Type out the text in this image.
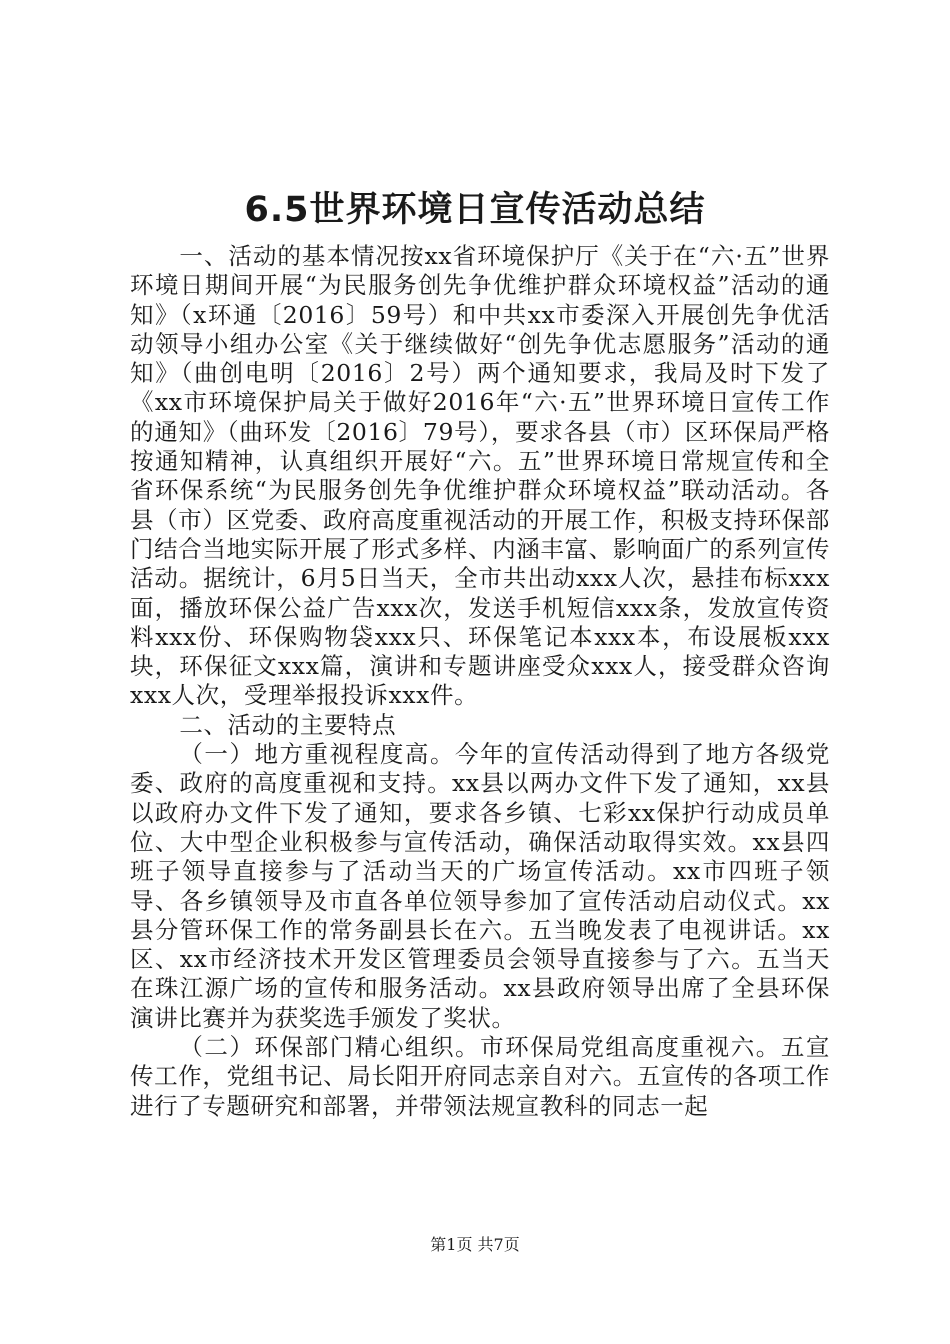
6.5世界环境日宣传活动总结

一、活动的基本情况按xx省环境保护厅《关于在“六·五”世界环境日期间开展“为民服务创先争优维护群众环境权益”活动的通知》（x环通〔2016〕59号）和中共xx市委深入开展创先争优活动领导小组办公室《关于继续做好“创先争优志愿服务”活动的通知》（曲创电明〔2016〕2号）两个通知要求，我局及时下发了《xx市环境保护局关于做好2016年“六·五”世界环境日宣传工作的通知》（曲环发〔2016〕79号），要求各县（市）区环保局严格按通知精神，认真组织开展好“六。五”世界环境日常规宣传和全省环保系统“为民服务创先争优维护群众环境权益”联动活动。各县（市）区党委、政府高度重视活动的开展工作，积极支持环保部门结合当地实际开展了形式多样、内涵丰富、影响面广的系列宣传活动。据统计，6月5日当天，全市共出动xxx人次，悬挂布标xxx面，播放环保公益广告xxx次，发送手机短信xxx条，发放宣传资料xxx份、环保购物袋xxx只、环保笔记本xxx本，布设展板xxx块，环保征文xxx篇，演讲和专题讲座受众xxx人，接受群众咨询xxx人次，受理举报投诉xxx件。

二、活动的主要特点

（一）地方重视程度高。今年的宣传活动得到了地方各级党委、政府的高度重视和支持。xx县以两办文件下发了通知，xx县以政府办文件下发了通知，要求各乡镇、七彩xx保护行动成员单位、大中型企业积极参与宣传活动，确保活动取得实效。xx县四班子领导直接参与了活动当天的广场宣传活动。xx市四班子领导、各乡镇领导及市直各单位领导参加了宣传活动启动仪式。xx县分管环保工作的常务副县长在六。五当晚发表了电视讲话。xx区、xx市经济技术开发区管理委员会领导直接参与了六。五当天在珠江源广场的宣传和服务活动。xx县政府领导出席了全县环保演讲比赛并为获奖选手颁发了奖状。

（二）环保部门精心组织。市环保局党组高度重视六。五宣传工作，党组书记、局长阳开府同志亲自对六。五宣传的各项工作进行了专题研究和部署，并带领法规宣教科的同志一起

第1页 共7页
